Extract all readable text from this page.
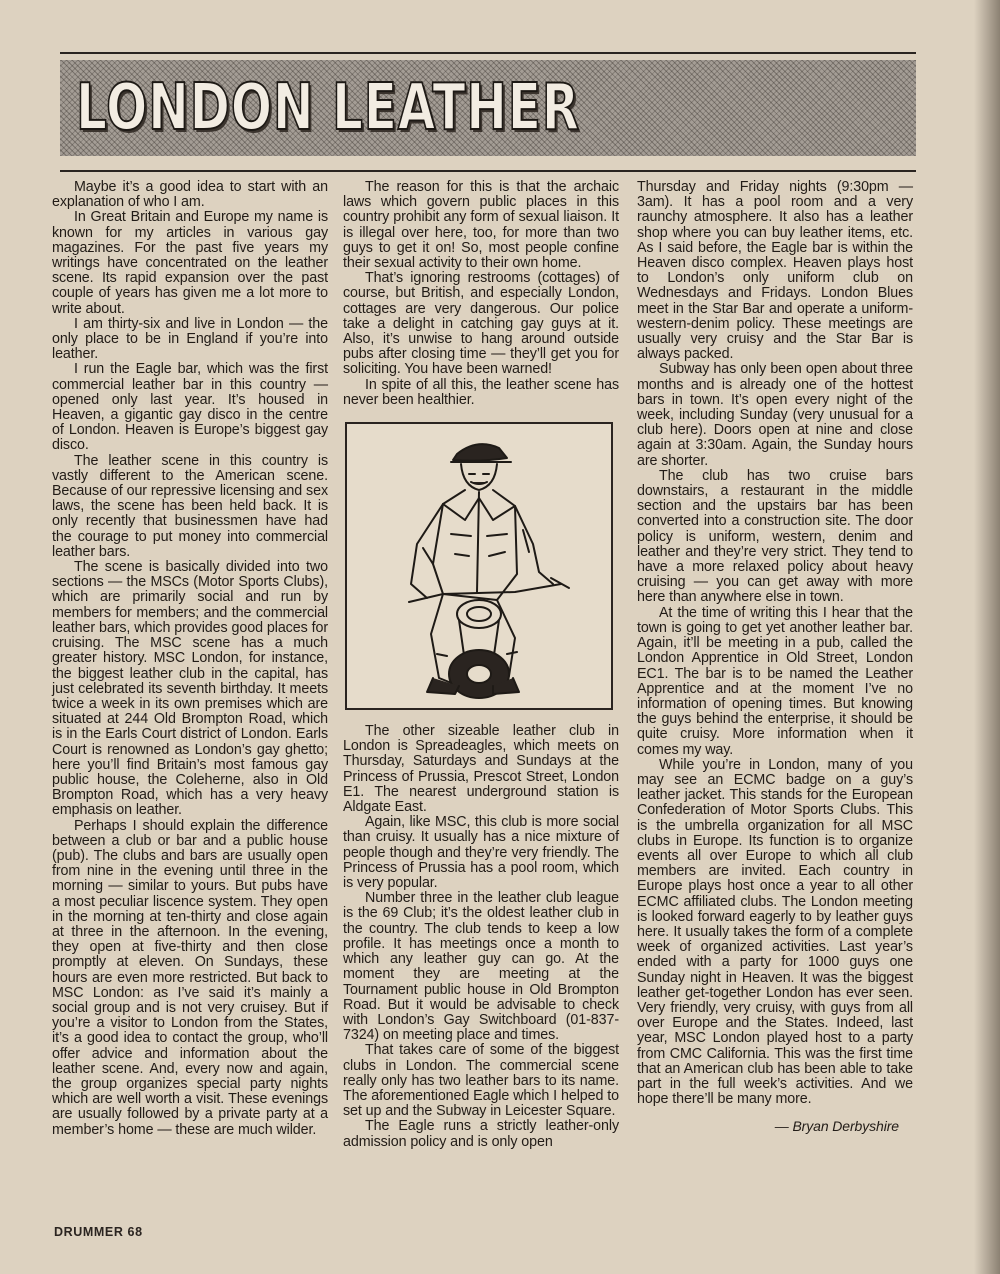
LONDON LEATHER

Maybe it’s a good idea to start with an explanation of who I am.

In Great Britain and Europe my name is known for my articles in various gay magazines. For the past five years my writings have concentrated on the leather scene. Its rapid expansion over the past couple of years has given me a lot more to write about.

I am thirty-six and live in London — the only place to be in England if you’re into leather.

I run the Eagle bar, which was the first commercial leather bar in this country — opened only last year. It’s housed in Heaven, a gigantic gay disco in the centre of London. Heaven is Europe’s biggest gay disco.

The leather scene in this country is vastly different to the American scene. Because of our repressive licensing and sex laws, the scene has been held back. It is only recently that businessmen have had the courage to put money into commercial leather bars.

The scene is basically divided into two sections — the MSCs (Motor Sports Clubs), which are primarily social and run by members for members; and the commercial leather bars, which provides good places for cruising. The MSC scene has a much greater history. MSC London, for instance, the biggest leather club in the capital, has just celebrated its seventh birthday. It meets twice a week in its own premises which are situated at 244 Old Brompton Road, which is in the Earls Court district of London. Earls Court is renowned as London’s gay ghetto; here you’ll find Britain’s most famous gay public house, the Coleherne, also in Old Brompton Road, which has a very heavy emphasis on leather.

Perhaps I should explain the difference between a club or bar and a public house (pub). The clubs and bars are usually open from nine in the evening until three in the morning — similar to yours. But pubs have a most peculiar liscence system. They open in the morning at ten-thirty and close again at three in the afternoon. In the evening, they open at five-thirty and then close promptly at eleven. On Sundays, these hours are even more restricted. But back to MSC London: as I’ve said it’s mainly a social group and is not very cruisey. But if you’re a visitor to London from the States, it’s a good idea to contact the group, who’ll offer advice and information about the leather scene. And, every now and again, the group organizes special party nights which are well worth a visit. These evenings are usually followed by a private party at a member’s home — these are much wilder.

The reason for this is that the archaic laws which govern public places in this country prohibit any form of sexual liaison. It is illegal over here, too, for more than two guys to get it on! So, most people confine their sexual activity to their own home.

That’s ignoring restrooms (cottages) of course, but British, and especially London, cottages are very dangerous. Our police take a delight in catching gay guys at it. Also, it’s unwise to hang around outside pubs after closing time — they’ll get you for soliciting. You have been warned!

In spite of all this, the leather scene has never been healthier.

The other sizeable leather club in London is Spreadeagles, which meets on Thursday, Saturdays and Sundays at the Princess of Prussia, Prescot Street, London E1. The nearest underground station is Aldgate East.

Again, like MSC, this club is more social than cruisy. It usually has a nice mixture of people though and they’re very friendly. The Princess of Prussia has a pool room, which is very popular.

Number three in the leather club league is the 69 Club; it’s the oldest leather club in the country. The club tends to keep a low profile. It has meetings once a month to which any leather guy can go. At the moment they are meeting at the Tournament public house in Old Brompton Road. But it would be advisable to check with London’s Gay Switchboard (01-837-7324) on meeting place and times.

That takes care of some of the biggest clubs in London. The commercial scene really only has two leather bars to its name. The aforementioned Eagle which I helped to set up and the Subway in Leicester Square.

The Eagle runs a strictly leather-only admission policy and is only open

Thursday and Friday nights (9:30pm — 3am). It has a pool room and a very raunchy atmosphere. It also has a leather shop where you can buy leather items, etc. As I said before, the Eagle bar is within the Heaven disco complex. Heaven plays host to London’s only uniform club on Wednesdays and Fridays. London Blues meet in the Star Bar and operate a uniform-western-denim policy. These meetings are usually very cruisy and the Star Bar is always packed.

Subway has only been open about three months and is already one of the hottest bars in town. It’s open every night of the week, including Sunday (very unusual for a club here). Doors open at nine and close again at 3:30am. Again, the Sunday hours are shorter.

The club has two cruise bars downstairs, a restaurant in the middle section and the upstairs bar has been converted into a construction site. The door policy is uniform, western, denim and leather and they’re very strict. They tend to have a more relaxed policy about heavy cruising — you can get away with more here than anywhere else in town.

At the time of writing this I hear that the town is going to get yet another leather bar. Again, it’ll be meeting in a pub, called the London Apprentice in Old Street, London EC1. The bar is to be named the Leather Apprentice and at the moment I’ve no information of opening times. But knowing the guys behind the enterprise, it should be quite cruisy. More information when it comes my way.

While you’re in London, many of you may see an ECMC badge on a guy’s leather jacket. This stands for the European Confederation of Motor Sports Clubs. This is the umbrella organization for all MSC clubs in Europe. Its function is to organize events all over Europe to which all club members are invited. Each country in Europe plays host once a year to all other ECMC affiliated clubs. The London meeting is looked forward eagerly to by leather guys here. It usually takes the form of a complete week of organized activities. Last year’s ended with a party for 1000 guys one Sunday night in Heaven. It was the biggest leather get-together London has ever seen. Very friendly, very cruisy, with guys from all over Europe and the States. Indeed, last year, MSC London played host to a party from CMC California. This was the first time that an American club has been able to take part in the full week’s activities. And we hope there’ll be many more.

— Bryan Derbyshire
DRUMMER 68
